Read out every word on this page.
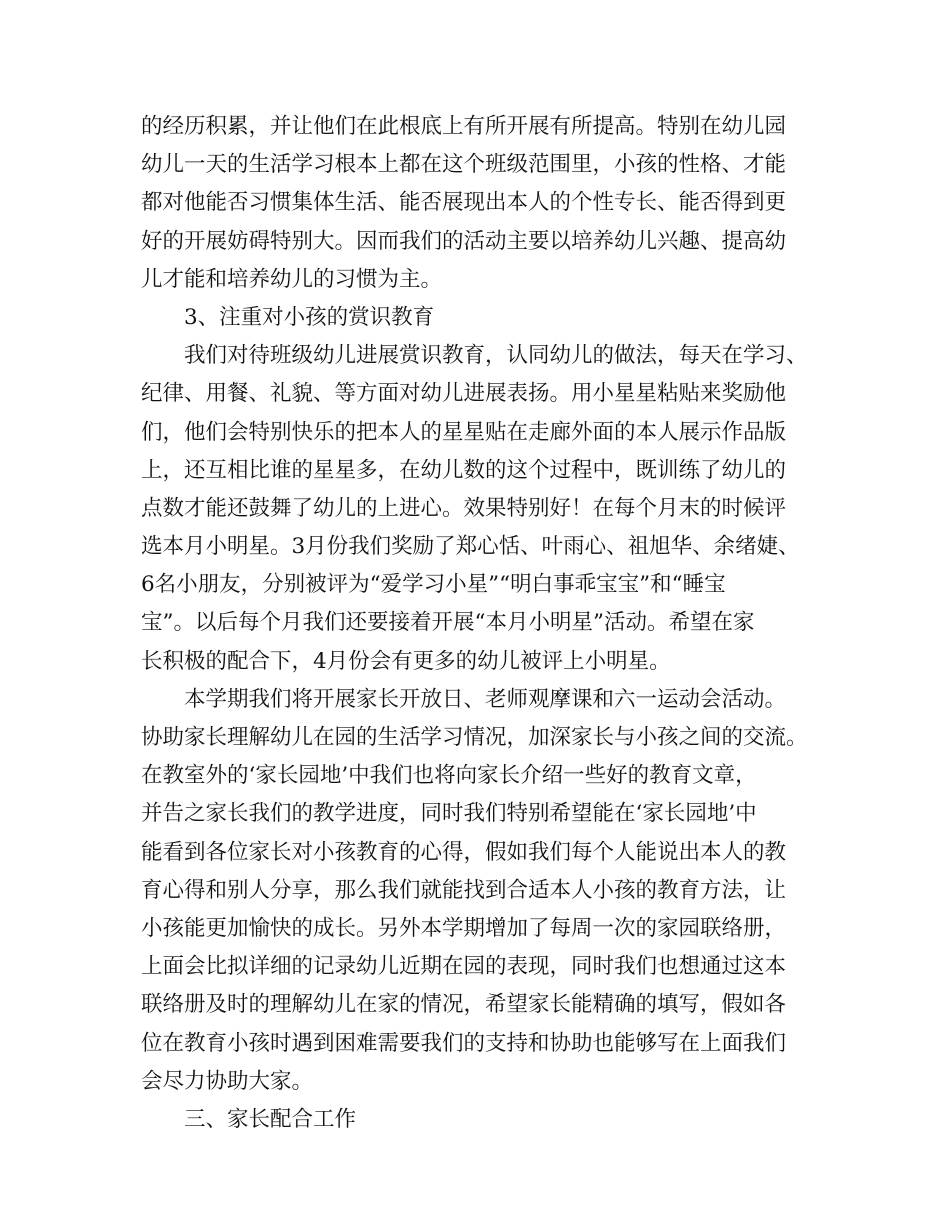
的经历积累，并让他们在此根底上有所开展有所提高。特别在幼儿园
幼儿一天的生活学习根本上都在这个班级范围里，小孩的性格、才能
都对他能否习惯集体生活、能否展现出本人的个性专长、能否得到更
好的开展妨碍特别大。因而我们的活动主要以培养幼儿兴趣、提高幼
儿才能和培养幼儿的习惯为主。
3、注重对小孩的赏识教育
我们对待班级幼儿进展赏识教育，认同幼儿的做法，每天在学习、
纪律、用餐、礼貌、等方面对幼儿进展表扬。用小星星粘贴来奖励他
们，他们会特别快乐的把本人的星星贴在走廊外面的本人展示作品版
上，还互相比谁的星星多，在幼儿数的这个过程中，既训练了幼儿的
点数才能还鼓舞了幼儿的上进心。效果特别好！在每个月末的时候评
选本月小明星。3月份我们奖励了郑心恬、叶雨心、祖旭华、余绪婕、
6名小朋友，分别被评为“爱学习小星”“明白事乖宝宝”和“睡宝
宝”。以后每个月我们还要接着开展“本月小明星”活动。希望在家
长积极的配合下，4月份会有更多的幼儿被评上小明星。
本学期我们将开展家长开放日、老师观摩课和六一运动会活动。
协助家长理解幼儿在园的生活学习情况，加深家长与小孩之间的交流。
在教室外的‘家长园地’中我们也将向家长介绍一些好的教育文章，
并告之家长我们的教学进度，同时我们特别希望能在‘家长园地’中
能看到各位家长对小孩教育的心得，假如我们每个人能说出本人的教
育心得和别人分享，那么我们就能找到合适本人小孩的教育方法，让
小孩能更加愉快的成长。另外本学期增加了每周一次的家园联络册，
上面会比拟详细的记录幼儿近期在园的表现，同时我们也想通过这本
联络册及时的理解幼儿在家的情况，希望家长能精确的填写，假如各
位在教育小孩时遇到困难需要我们的支持和协助也能够写在上面我们
会尽力协助大家。
三、家长配合工作
